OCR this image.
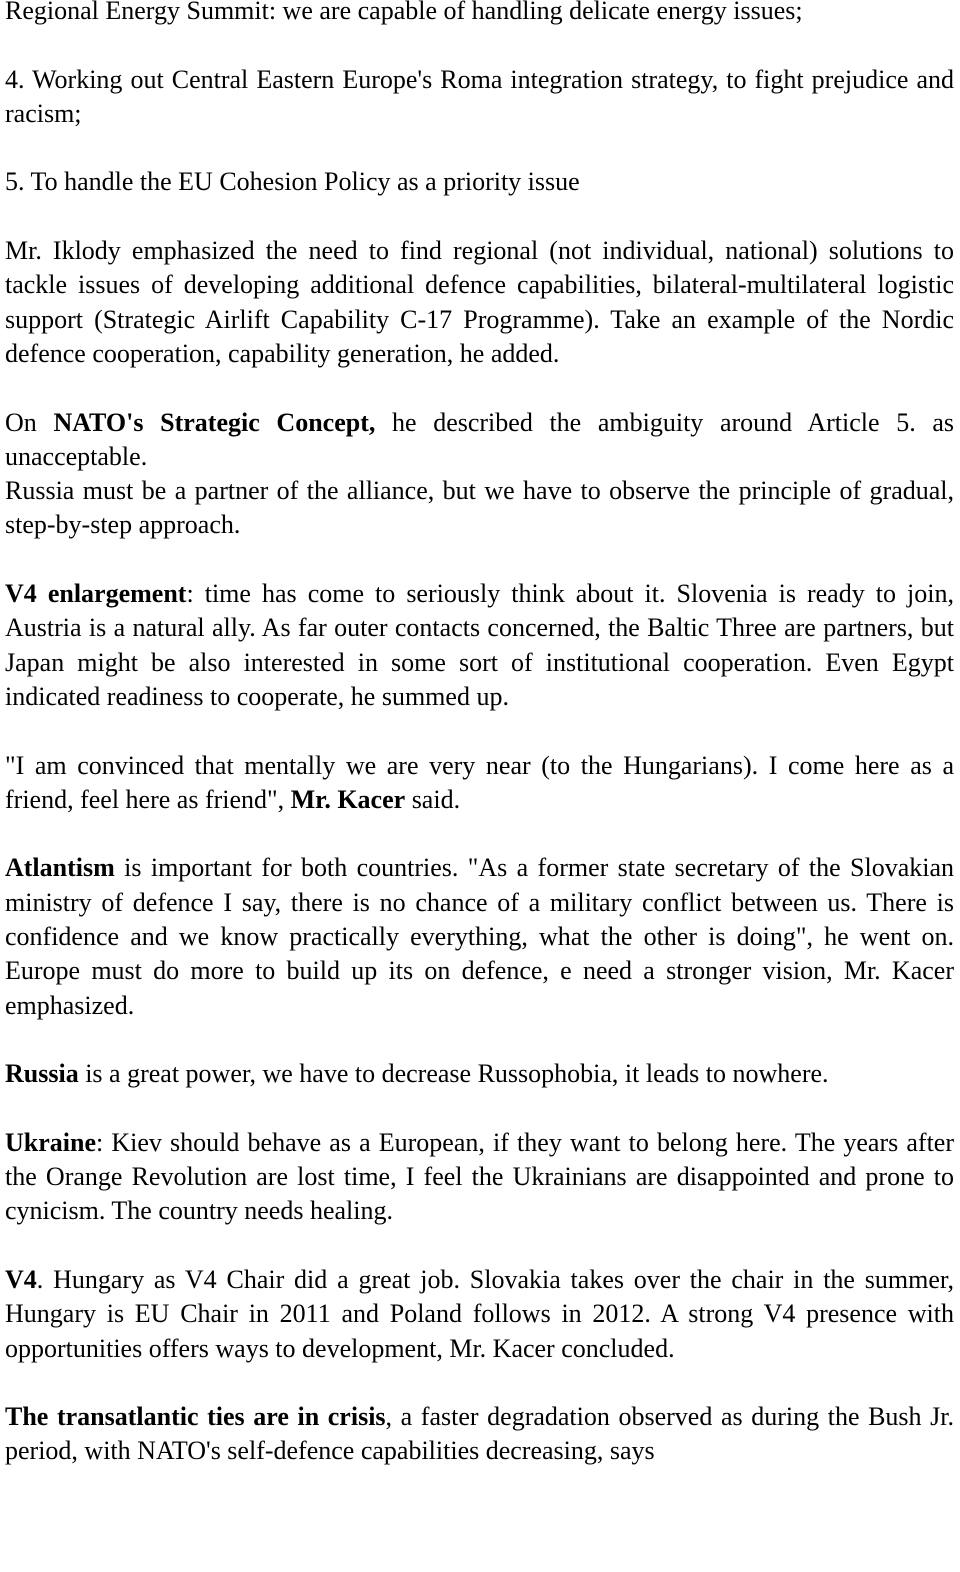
Regional Energy Summit: we are capable of handling delicate energy issues;

4. Working out Central Eastern Europe's Roma integration strategy, to fight prejudice and racism;

5. To handle the EU Cohesion Policy as a priority issue

Mr. Iklody emphasized the need to find regional (not individual, national) solutions to tackle issues of developing additional defence capabilities, bilateral-multilateral logistic support (Strategic Airlift Capability C-17 Programme). Take an example of the Nordic defence cooperation, capability generation, he added.

On NATO's Strategic Concept, he described the ambiguity around Article 5. as unacceptable.

Russia must be a partner of the alliance, but we have to observe the principle of gradual, step-by-step approach.

V4 enlargement: time has come to seriously think about it. Slovenia is ready to join, Austria is a natural ally. As far outer contacts concerned, the Baltic Three are partners, but Japan might be also interested in some sort of institutional cooperation. Even Egypt indicated readiness to cooperate, he summed up.

"I am convinced that mentally we are very near (to the Hungarians). I come here as a friend, feel here as friend", Mr. Kacer said.

Atlantism is important for both countries. "As a former state secretary of the Slovakian ministry of defence I say, there is no chance of a military conflict between us. There is confidence and we know practically everything, what the other is doing", he went on. Europe must do more to build up its on defence, e need a stronger vision, Mr. Kacer emphasized.

Russia is a great power, we have to decrease Russophobia, it leads to nowhere.

Ukraine: Kiev should behave as a European, if they want to belong here. The years after the Orange Revolution are lost time, I feel the Ukrainians are disappointed and prone to cynicism. The country needs healing.

V4. Hungary as V4 Chair did a great job. Slovakia takes over the chair in the summer, Hungary is EU Chair in 2011 and Poland follows in 2012. A strong V4 presence with opportunities offers ways to development, Mr. Kacer concluded.

The transatlantic ties are in crisis, a faster degradation observed as during the Bush Jr. period, with NATO's self-defence capabilities decreasing, says
